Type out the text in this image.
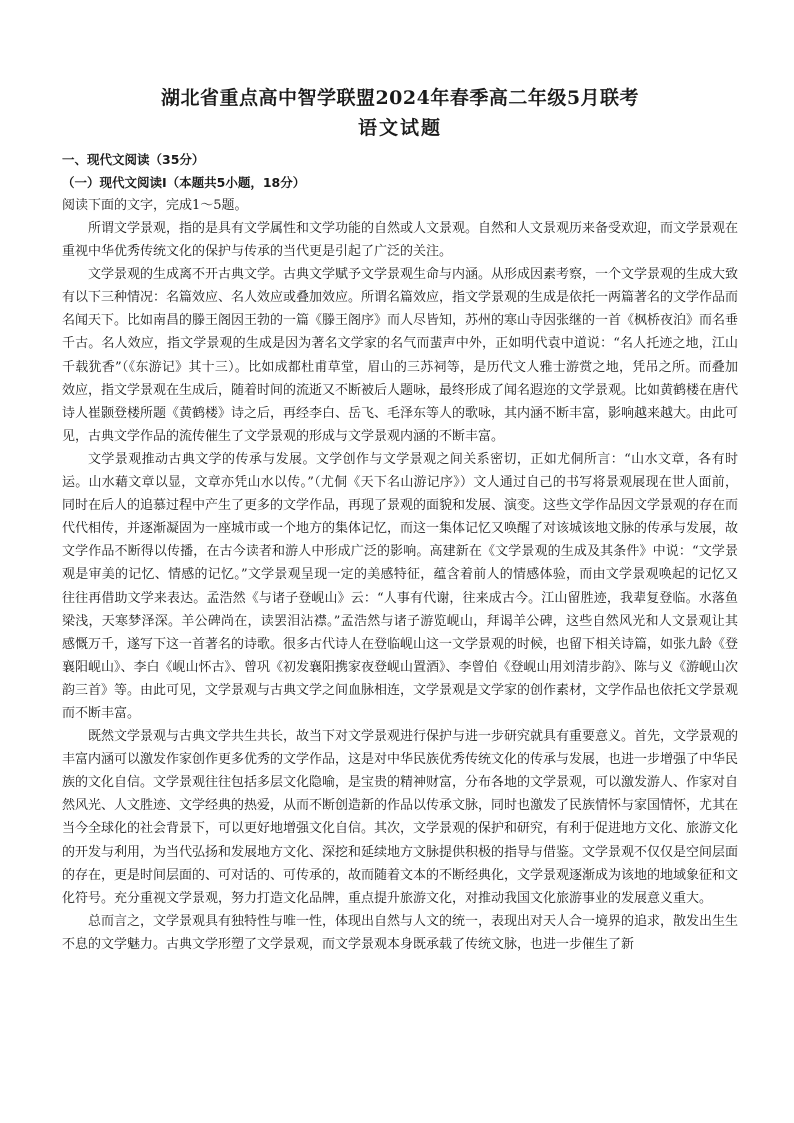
湖北省重点高中智学联盟2024年春季高二年级5月联考
语文试题

一、现代文阅读（35分）

（一）现代文阅读Ⅰ（本题共5小题，18分）

阅读下面的文字，完成1～5题。

所谓文学景观，指的是具有文学属性和文学功能的自然或人文景观。自然和人文景观历来备受欢迎，而文学景观在重视中华优秀传统文化的保护与传承的当代更是引起了广泛的关注。

文学景观的生成离不开古典文学。古典文学赋予文学景观生命与内涵。从形成因素考察，一个文学景观的生成大致有以下三种情况：名篇效应、名人效应或叠加效应。所谓名篇效应，指文学景观的生成是依托一两篇著名的文学作品而名闻天下。比如南昌的滕王阁因王勃的一篇《滕王阁序》而人尽皆知，苏州的寒山寺因张继的一首《枫桥夜泊》而名垂千古。名人效应，指文学景观的生成是因为著名文学家的名气而蜚声中外，正如明代袁中道说：“名人托迹之地，江山千载犹香”（《东游记》其十三）。比如成都杜甫草堂，眉山的三苏祠等，是历代文人雅士游赏之地，凭吊之所。而叠加效应，指文学景观在生成后，随着时间的流逝又不断被后人题咏，最终形成了闻名遐迩的文学景观。比如黄鹤楼在唐代诗人崔颢登楼所题《黄鹤楼》诗之后，再经李白、岳飞、毛泽东等人的歌咏，其内涵不断丰富，影响越来越大。由此可见，古典文学作品的流传催生了文学景观的形成与文学景观内涵的不断丰富。

文学景观推动古典文学的传承与发展。文学创作与文学景观之间关系密切，正如尤侗所言：“山水文章，各有时运。山水藉文章以显，文章亦凭山水以传。”（尤侗《天下名山游记序》）文人通过自己的书写将景观展现在世人面前，同时在后人的追慕过程中产生了更多的文学作品，再现了景观的面貌和发展、演变。这些文学作品因文学景观的存在而代代相传，并逐渐凝固为一座城市或一个地方的集体记忆，而这一集体记忆又唤醒了对该城该地文脉的传承与发展，故文学作品不断得以传播，在古今读者和游人中形成广泛的影响。高建新在《文学景观的生成及其条件》中说：“文学景观是审美的记忆、情感的记忆。”文学景观呈现一定的美感特征，蕴含着前人的情感体验，而由文学景观唤起的记忆又往往再借助文学来表达。孟浩然《与诸子登岘山》云：“人事有代谢，往来成古今。江山留胜迹，我辈复登临。水落鱼梁浅，天寒梦泽深。羊公碑尚在，读罢泪沾襟。”孟浩然与诸子游览岘山，拜谒羊公碑，这些自然风光和人文景观让其感慨万千，遂写下这一首著名的诗歌。很多古代诗人在登临岘山这一文学景观的时候，也留下相关诗篇，如张九龄《登襄阳岘山》、李白《岘山怀古》、曾巩《初发襄阳携家夜登岘山置酒》、李曾伯《登岘山用刘清步韵》、陈与义《游岘山次韵三首》等。由此可见，文学景观与古典文学之间血脉相连，文学景观是文学家的创作素材，文学作品也依托文学景观而不断丰富。

既然文学景观与古典文学共生共长，故当下对文学景观进行保护与进一步研究就具有重要意义。首先，文学景观的丰富内涵可以激发作家创作更多优秀的文学作品，这是对中华民族优秀传统文化的传承与发展，也进一步增强了中华民族的文化自信。文学景观往往包括多层文化隐喻，是宝贵的精神财富，分布各地的文学景观，可以激发游人、作家对自然风光、人文胜迹、文学经典的热爱，从而不断创造新的作品以传承文脉，同时也激发了民族情怀与家国情怀，尤其在当今全球化的社会背景下，可以更好地增强文化自信。其次，文学景观的保护和研究，有利于促进地方文化、旅游文化的开发与利用，为当代弘扬和发展地方文化、深挖和延续地方文脉提供积极的指导与借鉴。文学景观不仅仅是空间层面的存在，更是时间层面的、可对话的、可传承的，故而随着文本的不断经典化，文学景观逐渐成为该地的地域象征和文化符号。充分重视文学景观，努力打造文化品牌，重点提升旅游文化，对推动我国文化旅游事业的发展意义重大。

总而言之，文学景观具有独特性与唯一性，体现出自然与人文的统一，表现出对天人合一境界的追求，散发出生生不息的文学魅力。古典文学形塑了文学景观，而文学景观本身既承载了传统文脉，也进一步催生了新
